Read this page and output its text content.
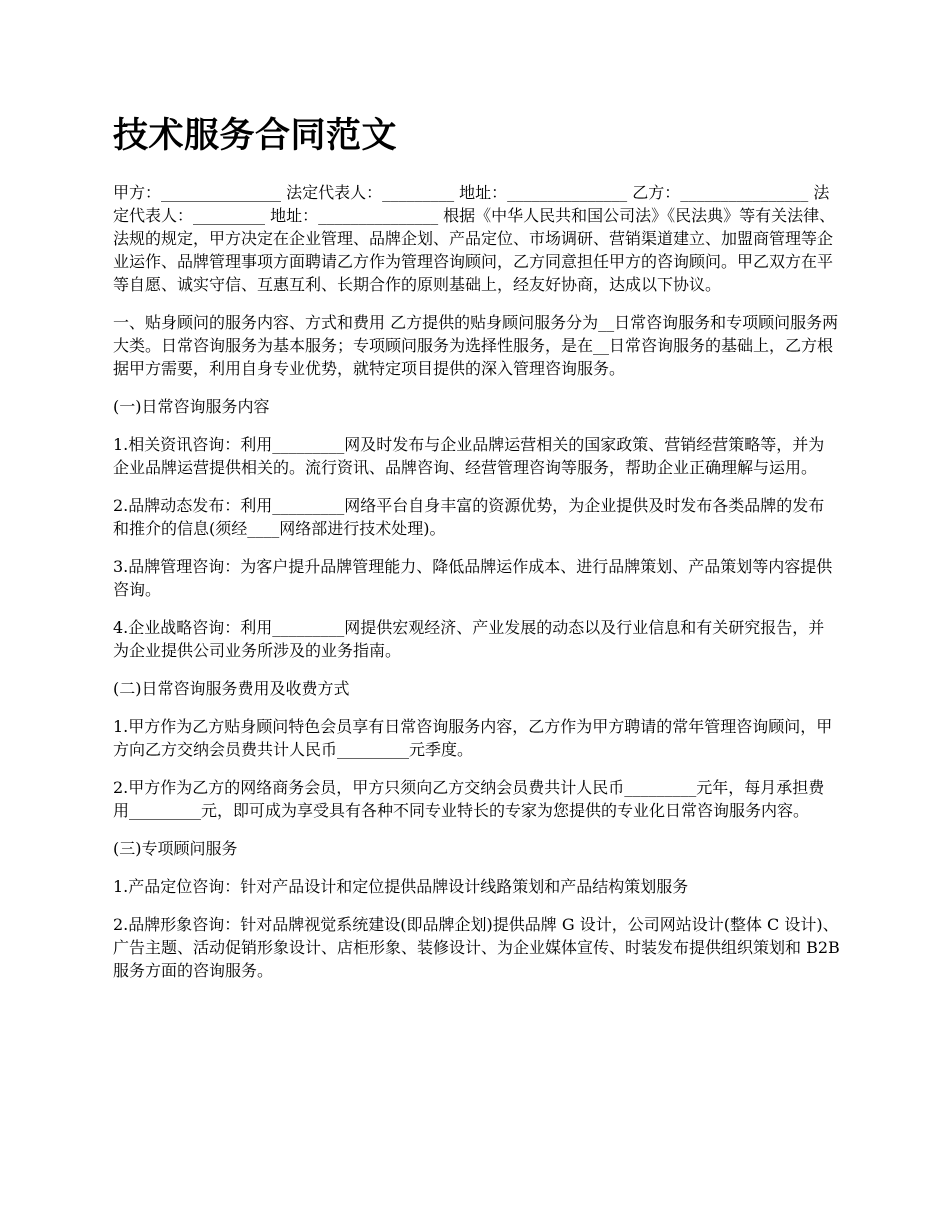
技术服务合同范文

甲方：_______________ 法定代表人：_________ 地址：_______________ 乙方：________________ 法定代表人：_________ 地址：_______________ 根据《中华人民共和国公司法》《民法典》等有关法律、法规的规定，甲方决定在企业管理、品牌企划、产品定位、市场调研、营销渠道建立、加盟商管理等企业运作、品牌管理事项方面聘请乙方作为管理咨询顾问，乙方同意担任甲方的咨询顾问。甲乙双方在平等自愿、诚实守信、互惠互利、长期合作的原则基础上，经友好协商，达成以下协议。

一、贴身顾问的服务内容、方式和费用 乙方提供的贴身顾问服务分为__日常咨询服务和专项顾问服务两大类。日常咨询服务为基本服务；专项顾问服务为选择性服务，是在__日常咨询服务的基础上，乙方根据甲方需要，利用自身专业优势，就特定项目提供的深入管理咨询服务。

(一)日常咨询服务内容

1.相关资讯咨询：利用_________网及时发布与企业品牌运营相关的国家政策、营销经营策略等，并为企业品牌运营提供相关的。流行资讯、品牌咨询、经营管理咨询等服务，帮助企业正确理解与运用。

2.品牌动态发布：利用_________网络平台自身丰富的资源优势，为企业提供及时发布各类品牌的发布和推介的信息(须经____网络部进行技术处理)。

3.品牌管理咨询：为客户提升品牌管理能力、降低品牌运作成本、进行品牌策划、产品策划等内容提供咨询。

4.企业战略咨询：利用_________网提供宏观经济、产业发展的动态以及行业信息和有关研究报告，并为企业提供公司业务所涉及的业务指南。

(二)日常咨询服务费用及收费方式

1.甲方作为乙方贴身顾问特色会员享有日常咨询服务内容，乙方作为甲方聘请的常年管理咨询顾问，甲方向乙方交纳会员费共计人民币_________元季度。

2.甲方作为乙方的网络商务会员，甲方只须向乙方交纳会员费共计人民币_________元年，每月承担费用_________元，即可成为享受具有各种不同专业特长的专家为您提供的专业化日常咨询服务内容。

(三)专项顾问服务

1.产品定位咨询：针对产品设计和定位提供品牌设计线路策划和产品结构策划服务

2.品牌形象咨询：针对品牌视觉系统建设(即品牌企划)提供品牌 G 设计，公司网站设计(整体 C 设计)、广告主题、活动促销形象设计、店柜形象、装修设计、为企业媒体宣传、时装发布提供组织策划和 B2B 服务方面的咨询服务。
